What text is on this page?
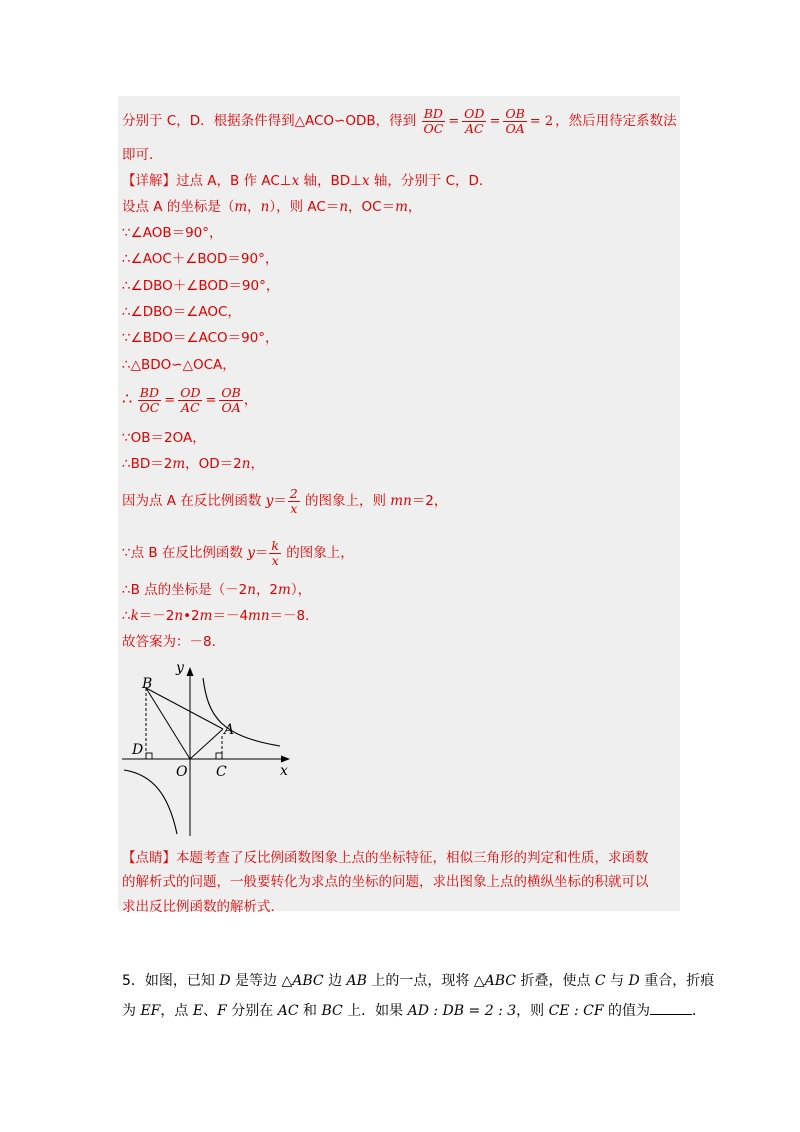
分别于 C，D．根据条件得到△ACO∽ODB，得到 $\frac{BD}{OC} = \frac{OD}{AC} = \frac{OB}{OA} = 2$ ，然后用待定系数法
即可．
【详解】过点 A，B 作 AC⊥x 轴，BD⊥x 轴，分别于 C，D．
设点 A 的坐标是（m，n），则 AC＝n，OC＝m，
∵∠AOB＝90°，
∴∠AOC＋∠BOD＝90°，
∴∠DBO＋∠BOD＝90°，
∴∠DBO＝∠AOC，
∵∠BDO＝∠ACO＝90°，
∴△BDO∽△OCA，
∴ $\frac{BD}{OC} = \frac{OD}{AC} = \frac{OB}{OA}$ ，
∵OB＝2OA，
∴BD＝2m，OD＝2n，
因为点 A 在反比例函数 $y= \frac{2}{x}$ 的图象上，则 mn＝2，
∵点 B 在反比例函数 $y= \frac{k}{x}$ 的图象上，
∴B 点的坐标是（－2n，2m），
∴k＝－2n•2m＝－4mn＝－8．
故答案为：－8．
y
x
B
A
D
O C
【点睛】本题考查了反比例函数图象上点的坐标特征，相似三角形的判定和性质，求函数
的解析式的问题，一般要转化为求点的坐标的问题，求出图象上点的横纵坐标的积就可以
求出反比例函数的解析式．
5．如图，已知 D 是等边 △ABC 边 AB 上的一点，现将 △ABC 折叠，使点 C 与 D 重合，折痕
为 EF，点 E、F 分别在 AC 和 BC 上．如果 AD : DB = 2 : 3，则 CE : CF 的值为	．
